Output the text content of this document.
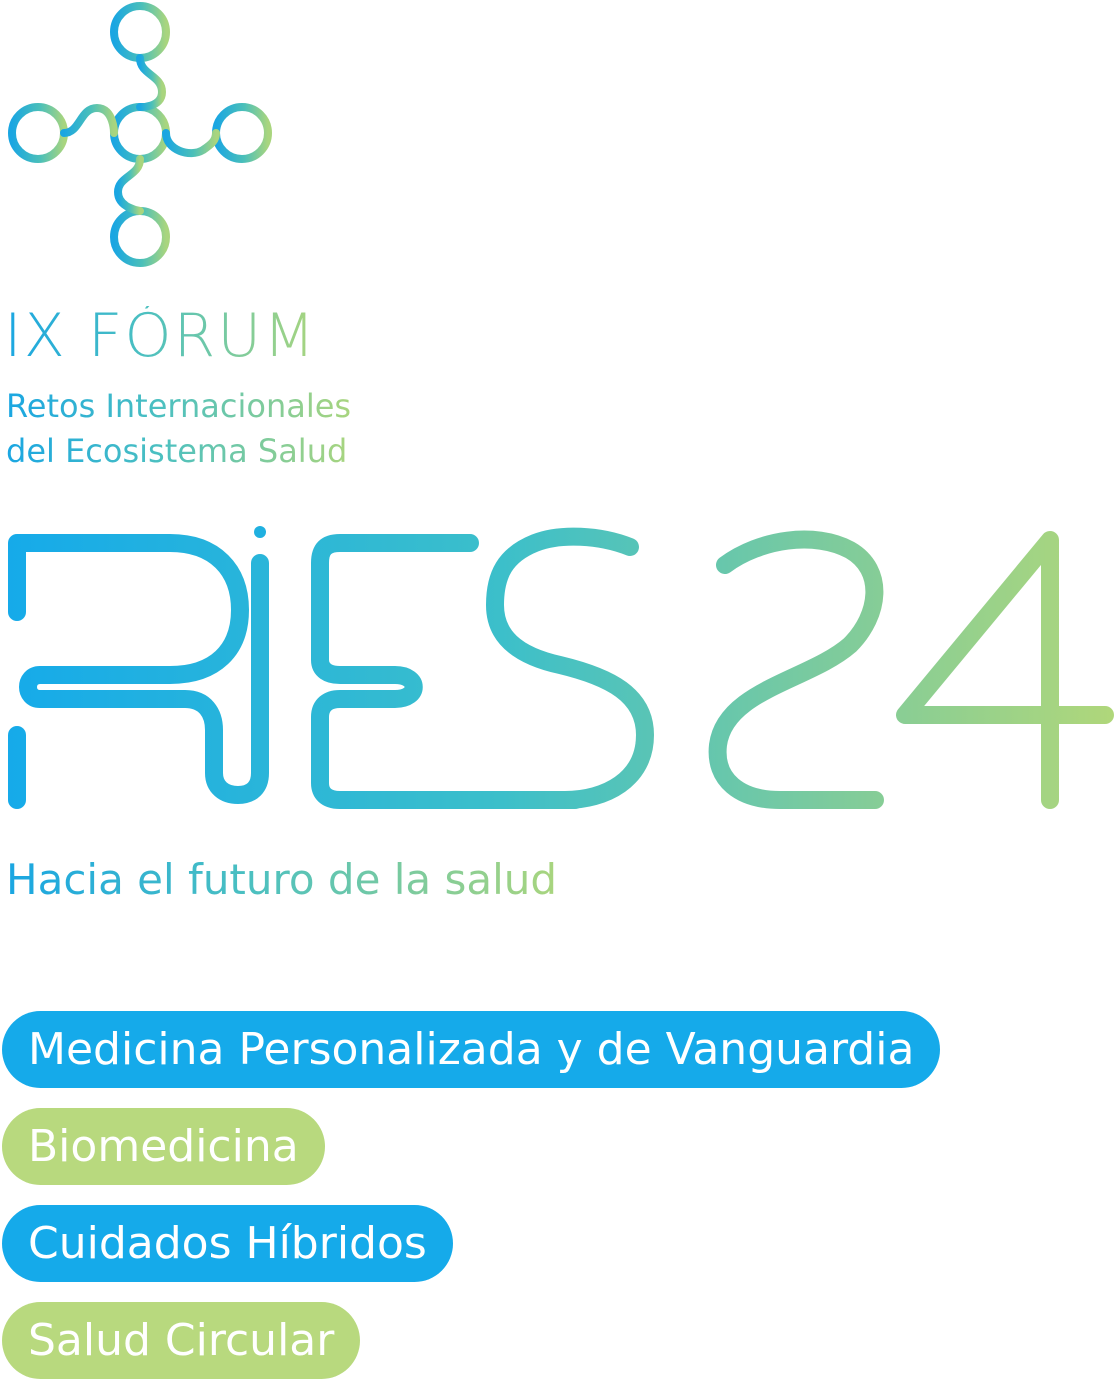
IX FÓRUM
Retos Internacionales
del Ecosistema Salud
Hacia el futuro de la salud
Medicina Personalizada y de Vanguardia
Biomedicina
Cuidados Híbridos
Salud Circular
